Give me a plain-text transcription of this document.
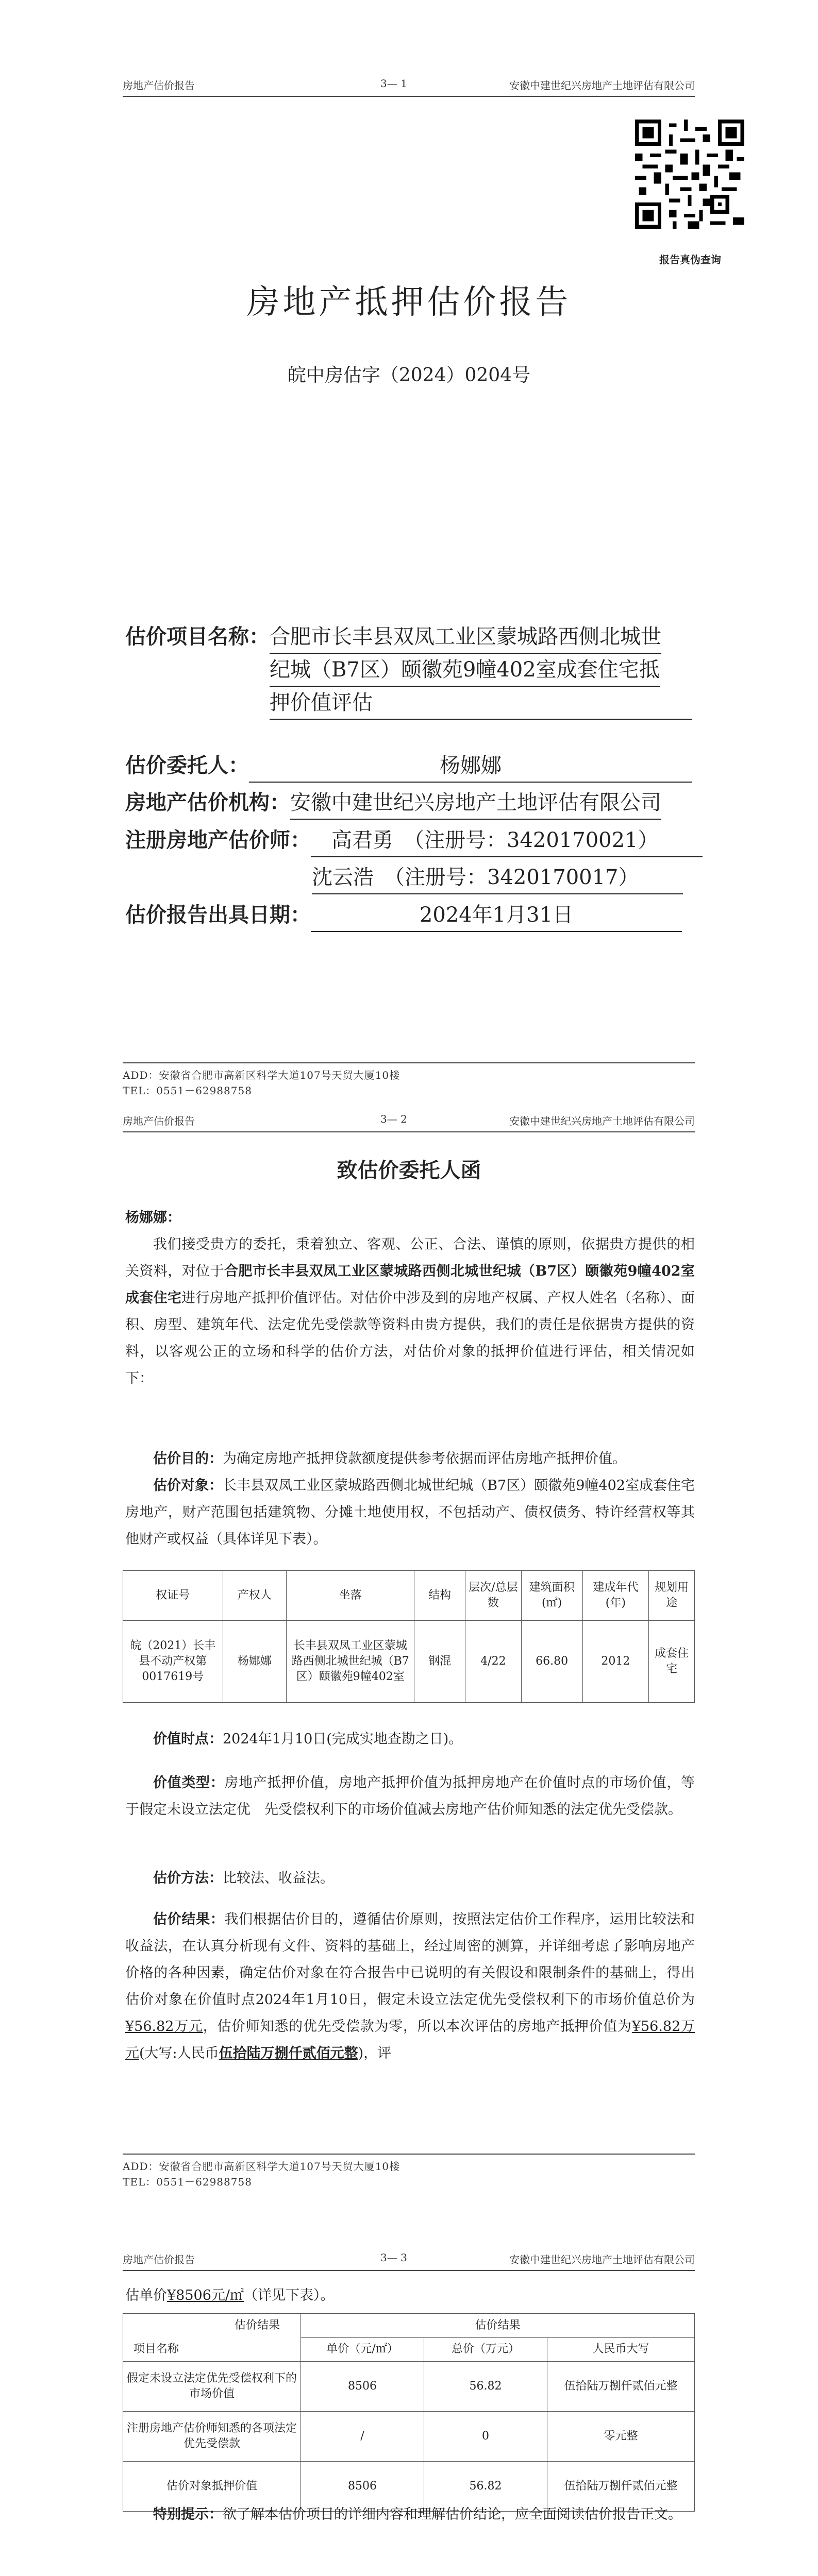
房地产估价报告	3— 1	安徽中建世纪兴房地产土地评估有限公司
报告真伪查询
房地产抵押估价报告
皖中房估字（2024）0204号
估价项目名称：合肥市长丰县双凤工业区蒙城路西侧北城世
纪城（B7区）颐徽苑9幢402室成套住宅抵
押价值评估
估价委托人：	杨娜娜
房地产估价机构：安徽中建世纪兴房地产土地评估有限公司
注册房地产估价师： 高君勇　（注册号：3420170021）
沈云浩　（注册号：3420170017）
估价报告出具日期：	2024年1月31日
ADD：安徽省合肥市高新区科学大道107号天贸大厦10楼
TEL：0551－62988758
房地产估价报告	3— 2	安徽中建世纪兴房地产土地评估有限公司
致估价委托人函
杨娜娜：
我们接受贵方的委托，秉着独立、客观、公正、合法、谨慎的原则，依据贵方提供的相关资料，对位于合肥市长丰县双凤工业区蒙城路西侧北城世纪城（B7区）颐徽苑9幢402室成套住宅进行房地产抵押价值评估。对估价中涉及到的房地产权属、产权人姓名（名称）、面积、房型、建筑年代、法定优先受偿款等资料由贵方提供，我们的责任是依据贵方提供的资料，以客观公正的立场和科学的估价方法，对估价对象的抵押价值进行评估，相关情况如下：
估价目的：为确定房地产抵押贷款额度提供参考依据而评估房地产抵押价值。
估价对象：长丰县双凤工业区蒙城路西侧北城世纪城（B7区）颐徽苑9幢402室成套住宅房地产，财产范围包括建筑物、分摊土地使用权，不包括动产、债权债务、特许经营权等其他财产或权益（具体详见下表）。
权证号	产权人	坐落	结构	层次/总层数	建筑面积(㎡)	建成年代(年)	规划用途
皖（2021）长丰县不动产权第0017619号	杨娜娜	长丰县双凤工业区蒙城路西侧北城世纪城（B7区）颐徽苑9幢402室	钢混	4/22	66.80	2012	成套住宅
价值时点：2024年1月10日(完成实地查勘之日)。
价值类型：房地产抵押价值，房地产抵押价值为抵押房地产在价值时点的市场价值，等于假定未设立法定优　先受偿权利下的市场价值减去房地产估价师知悉的法定优先受偿款。
估价方法：比较法、收益法。
估价结果：我们根据估价目的，遵循估价原则，按照法定估价工作程序，运用比较法和收益法，在认真分析现有文件、资料的基础上，经过周密的测算，并详细考虑了影响房地产价格的各种因素，确定估价对象在符合报告中已说明的有关假设和限制条件的基础上，得出估价对象在价值时点2024年1月10日，假定未设立法定优先受偿权利下的市场价值总价为¥56.82万元，估价师知悉的优先受偿款为零，所以本次评估的房地产抵押价值为¥56.82万元(大写:人民币伍拾陆万捌仟贰佰元整)，评
ADD：安徽省合肥市高新区科学大道107号天贸大厦10楼
TEL：0551－62988758
房地产估价报告	3— 3	安徽中建世纪兴房地产土地评估有限公司
估单价¥8506元/㎡（详见下表）。
估价结果	估价结果		
项目名称	单价（元/㎡）	总价（万元）	人民币大写
假定未设立法定优先受偿权利下的市场价值	8506	56.82	伍拾陆万捌仟贰佰元整
注册房地产估价师知悉的各项法定优先受偿款	/	0	零元整
估价对象抵押价值	8506	56.82	伍拾陆万捌仟贰佰元整
特别提示：欲了解本估价项目的详细内容和理解估价结论，应全面阅读估价报告正文。
